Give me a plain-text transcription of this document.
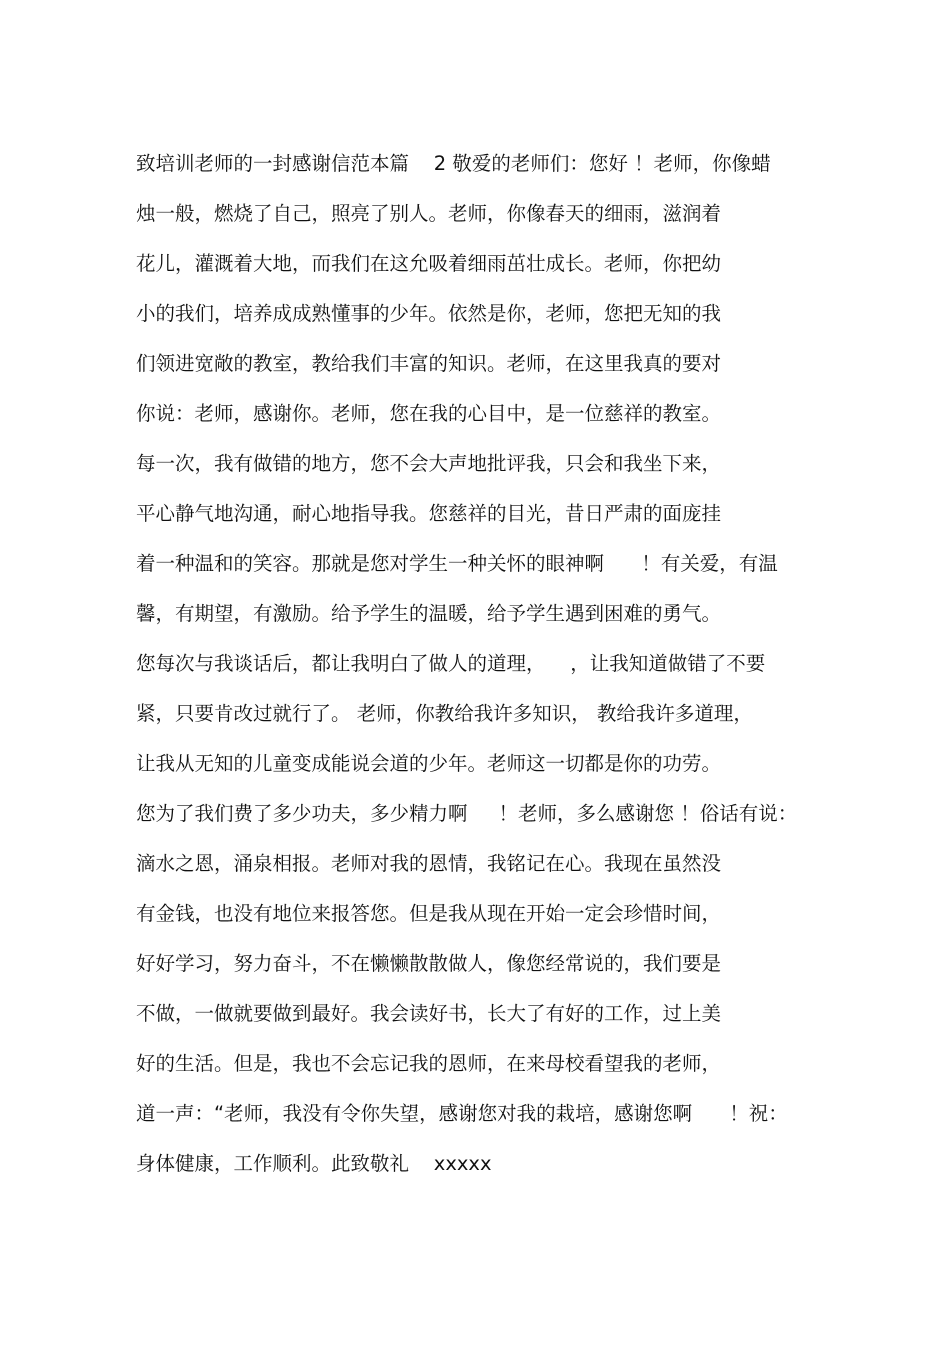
致培训老师的一封感谢信范本篇    2 敬爱的老师们：您好 ！老师，你像蜡
烛一般，燃烧了自己，照亮了别人。老师，你像春天的细雨，滋润着
花儿，灌溉着大地，而我们在这允吸着细雨茁壮成长。老师，你把幼
小的我们，培养成成熟懂事的少年。依然是你，老师，您把无知的我
们领进宽敞的教室，教给我们丰富的知识。老师，在这里我真的要对
你说：老师，感谢你。老师，您在我的心目中，是一位慈祥的教室。
每一次，我有做错的地方，您不会大声地批评我，只会和我坐下来，
平心静气地沟通，耐心地指导我。您慈祥的目光，昔日严肃的面庞挂
着一种温和的笑容。那就是您对学生一种关怀的眼神啊      ！有关爱，有温
馨，有期望，有激励。给予学生的温暖，给予学生遇到困难的勇气。
您每次与我谈话后，都让我明白了做人的道理，    ，让我知道做错了不要
紧，只要肯改过就行了。 老师，你教给我许多知识， 教给我许多道理，
让我从无知的儿童变成能说会道的少年。老师这一切都是你的功劳。
您为了我们费了多少功夫，多少精力啊     ！老师，多么感谢您 ！俗话有说：
滴水之恩，涌泉相报。老师对我的恩情，我铭记在心。我现在虽然没
有金钱，也没有地位来报答您。但是我从现在开始一定会珍惜时间，
好好学习，努力奋斗，不在懒懒散散做人，像您经常说的，我们要是
不做，一做就要做到最好。我会读好书，长大了有好的工作，过上美
好的生活。但是，我也不会忘记我的恩师，在来母校看望我的老师，
道一声：“老师，我没有令你失望，感谢您对我的栽培，感谢您啊      ！祝：
身体健康，工作顺利。此致敬礼    xxxxx
